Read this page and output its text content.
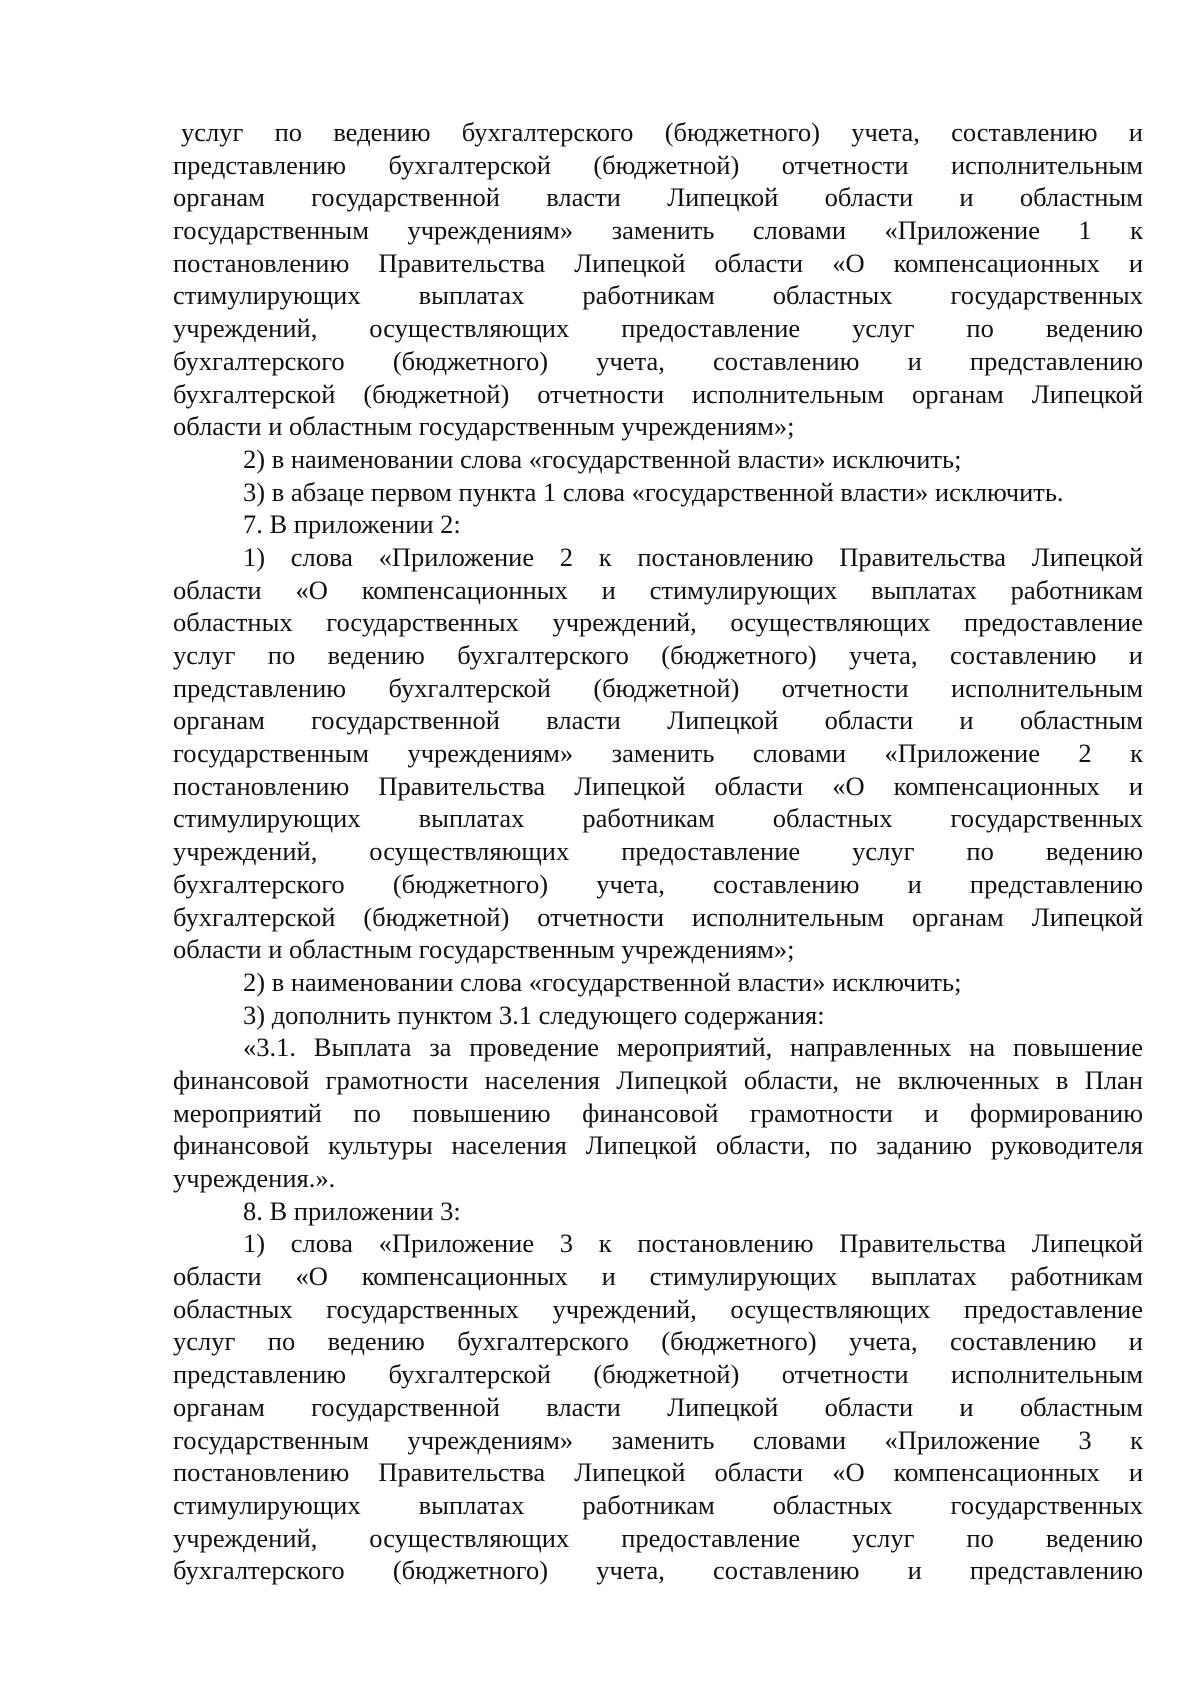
услуг по ведению бухгалтерского (бюджетного) учета, составлению и
представлению бухгалтерской (бюджетной) отчетности исполнительным
органам государственной власти Липецкой области и областным
государственным учреждениям» заменить словами «Приложение 1 к
постановлению Правительства Липецкой области «О компенсационных и
стимулирующих выплатах работникам областных государственных
учреждений, осуществляющих предоставление услуг по ведению
бухгалтерского (бюджетного) учета, составлению и представлению
бухгалтерской (бюджетной) отчетности исполнительным органам Липецкой
области и областным государственным учреждениям»;
2) в наименовании слова «государственной власти» исключить;
3) в абзаце первом пункта 1 слова «государственной власти» исключить.
7. В приложении 2:
1) слова «Приложение 2 к постановлению Правительства Липецкой
области «О компенсационных и стимулирующих выплатах работникам
областных государственных учреждений, осуществляющих предоставление
услуг по ведению бухгалтерского (бюджетного) учета, составлению и
представлению бухгалтерской (бюджетной) отчетности исполнительным
органам государственной власти Липецкой области и областным
государственным учреждениям» заменить словами «Приложение 2 к
постановлению Правительства Липецкой области «О компенсационных и
стимулирующих выплатах работникам областных государственных
учреждений, осуществляющих предоставление услуг по ведению
бухгалтерского (бюджетного) учета, составлению и представлению
бухгалтерской (бюджетной) отчетности исполнительным органам Липецкой
области и областным государственным учреждениям»;
2) в наименовании слова «государственной власти» исключить;
3) дополнить пунктом 3.1 следующего содержания:
«3.1. Выплата за проведение мероприятий, направленных на повышение
финансовой грамотности населения Липецкой области, не включенных в План
мероприятий по повышению финансовой грамотности и формированию
финансовой культуры населения Липецкой области, по заданию руководителя
учреждения.».
8. В приложении 3:
1) слова «Приложение 3 к постановлению Правительства Липецкой
области «О компенсационных и стимулирующих выплатах работникам
областных государственных учреждений, осуществляющих предоставление
услуг по ведению бухгалтерского (бюджетного) учета, составлению и
представлению бухгалтерской (бюджетной) отчетности исполнительным
органам государственной власти Липецкой области и областным
государственным учреждениям» заменить словами «Приложение 3 к
постановлению Правительства Липецкой области «О компенсационных и
стимулирующих выплатах работникам областных государственных
учреждений, осуществляющих предоставление услуг по ведению
бухгалтерского (бюджетного) учета, составлению и представлению
